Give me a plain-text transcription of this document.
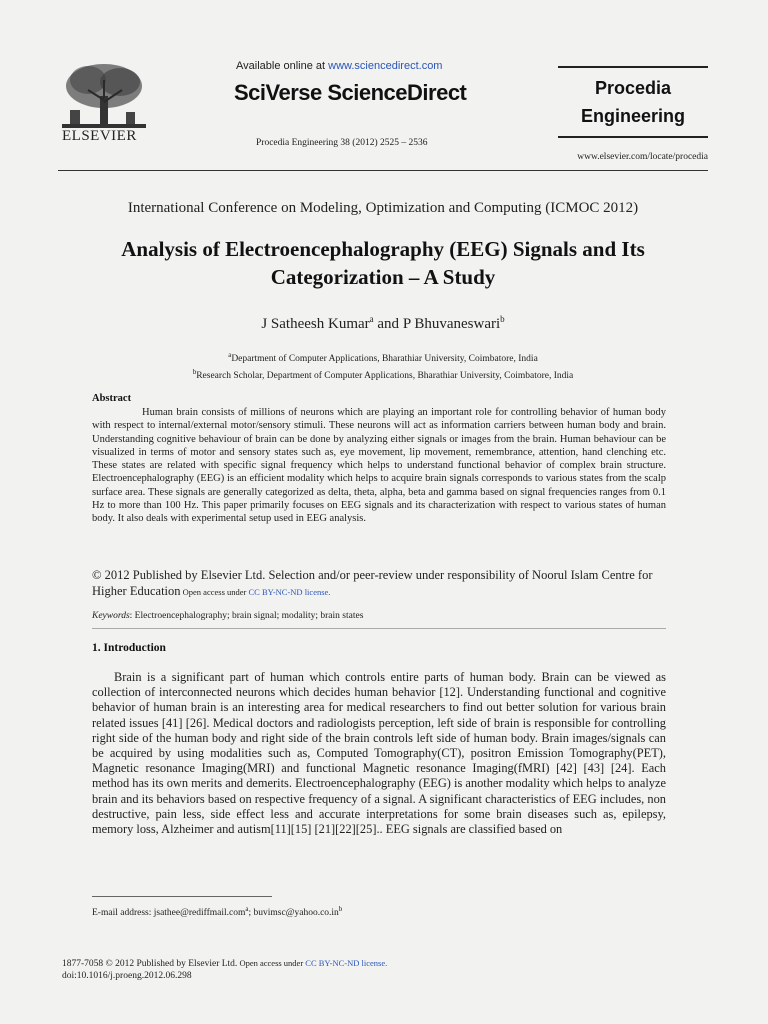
ELSEVIER
Available online at www.sciencedirect.com
SciVerse ScienceDirect
Procedia Engineering 38 (2012) 2525 – 2536
Procedia
Engineering
www.elsevier.com/locate/procedia
International Conference on Modeling, Optimization and Computing (ICMOC 2012)
Analysis of Electroencephalography (EEG) Signals and Its
Categorization – A Study
J Satheesh Kumar$^a$ and P Bhuvaneswari$^b$
$^a$Department of Computer Applications, Bharathiar University, Coimbatore, India
$^b$Research Scholar, Department of Computer Applications, Bharathiar University, Coimbatore, India
Abstract
Human brain consists of millions of neurons which are playing an important role for controlling behavior of human body with respect to internal/external motor/sensory stimuli. These neurons will act as information carriers between human body and brain. Understanding cognitive behaviour of brain can be done by analyzing either signals or images from the brain. Human behaviour can be visualized in terms of motor and sensory states such as, eye movement, lip movement, remembrance, attention, hand clenching etc. These states are related with specific signal frequency which helps to understand functional behavior of complex brain structure. Electroencephalography (EEG) is an efficient modality which helps to acquire brain signals corresponds to various states from the scalp surface area. These signals are generally categorized as delta, theta, alpha, beta and gamma based on signal frequencies ranges from 0.1 Hz to more than 100 Hz. This paper primarily focuses on EEG signals and its characterization with respect to various states of human body. It also deals with experimental setup used in EEG analysis.
© 2012 Published by Elsevier Ltd. Selection and/or peer-review under responsibility of Noorul Islam Centre for Higher Education Open access under CC BY-NC-ND license.
Keywords: Electroencephalography; brain signal; modality; brain states
1. Introduction
Brain is a significant part of human which controls entire parts of human body. Brain can be viewed as collection of interconnected neurons which decides human behavior [12]. Understanding functional and cognitive behavior of human brain is an interesting area for medical researchers to find out better solution for various brain related issues [41] [26]. Medical doctors and radiologists perception, left side of brain is responsible for controlling right side of the human body and right side of the brain controls left side of human body. Brain images/signals can be acquired by using modalities such as, Computed Tomography(CT), positron Emission Tomography(PET), Magnetic resonance Imaging(MRI) and functional Magnetic resonance Imaging(fMRI) [42] [43] [24]. Each method has its own merits and demerits. Electroencephalography (EEG) is another modality which helps to analyze brain and its behaviors based on respective frequency of a signal. A significant characteristics of EEG includes, non destructive, pain less, side effect less and accurate interpretations for some brain diseases such as, epilepsy, memory loss, Alzheimer and autism[11][15] [21][22][25].. EEG signals are classified based on
E-mail address: jsathee@rediffmail.com$^a$; $buvimsc@yahoo.co.in^b$
1877-7058 © 2012 Published by Elsevier Ltd. Open access under CC BY-NC-ND license.
doi:10.1016/j.proeng.2012.06.298
